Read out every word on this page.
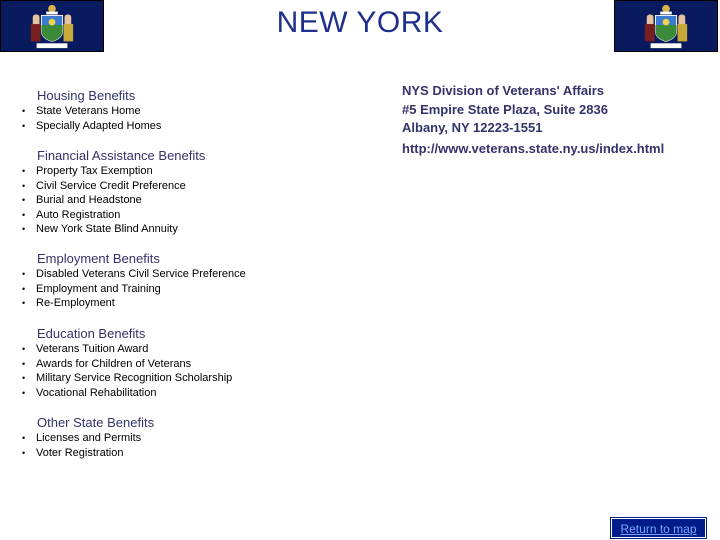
NEW YORK
Housing Benefits
• State Veterans Home
• Specially Adapted Homes
Financial Assistance Benefits
• Property Tax Exemption
• Civil Service Credit Preference
• Burial and Headstone
• Auto Registration
• New York State Blind Annuity
Employment Benefits
• Disabled Veterans Civil Service Preference
• Employment and Training
• Re-Employment
Education Benefits
• Veterans Tuition Award
• Awards for Children of Veterans
• Military Service Recognition Scholarship
• Vocational Rehabilitation
Other State Benefits
• Licenses and Permits
• Voter Registration
NYS Division of Veterans' Affairs
#5 Empire State Plaza, Suite 2836
Albany, NY 12223-1551
http://www.veterans.state.ny.us/index.html
Return to map
